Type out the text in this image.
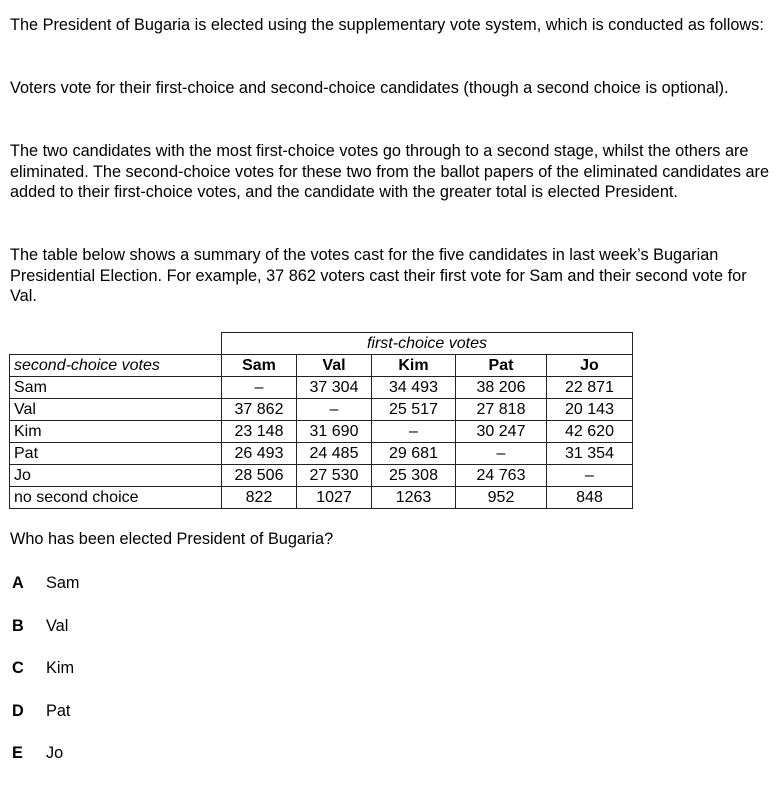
The President of Bugaria is elected using the supplementary vote system, which is conducted as follows:

Voters vote for their first-choice and second-choice candidates (though a second choice is optional).

The two candidates with the most first-choice votes go through to a second stage, whilst the others are eliminated. The second-choice votes for these two from the ballot papers of the eliminated candidates are added to their first-choice votes, and the candidate with the greater total is elected President.

The table below shows a summary of the votes cast for the five candidates in last week’s Bugarian Presidential Election. For example, 37 862 voters cast their first vote for Sam and their second vote for Val.

	first-choice votes				
second-choice votes	Sam	Val	Kim	Pat	Jo
Sam	–	37 304	34 493	38 206	22 871
Val	37 862	–	25 517	27 818	20 143
Kim	23 148	31 690	–	30 247	42 620
Pat	26 493	24 485	29 681	–	31 354
Jo	28 506	27 530	25 308	24 763	–
no second choice	822	1027	1263	952	848
Who has been elected President of Bugaria?
A Sam
B Val
C Kim
D Pat
E Jo
